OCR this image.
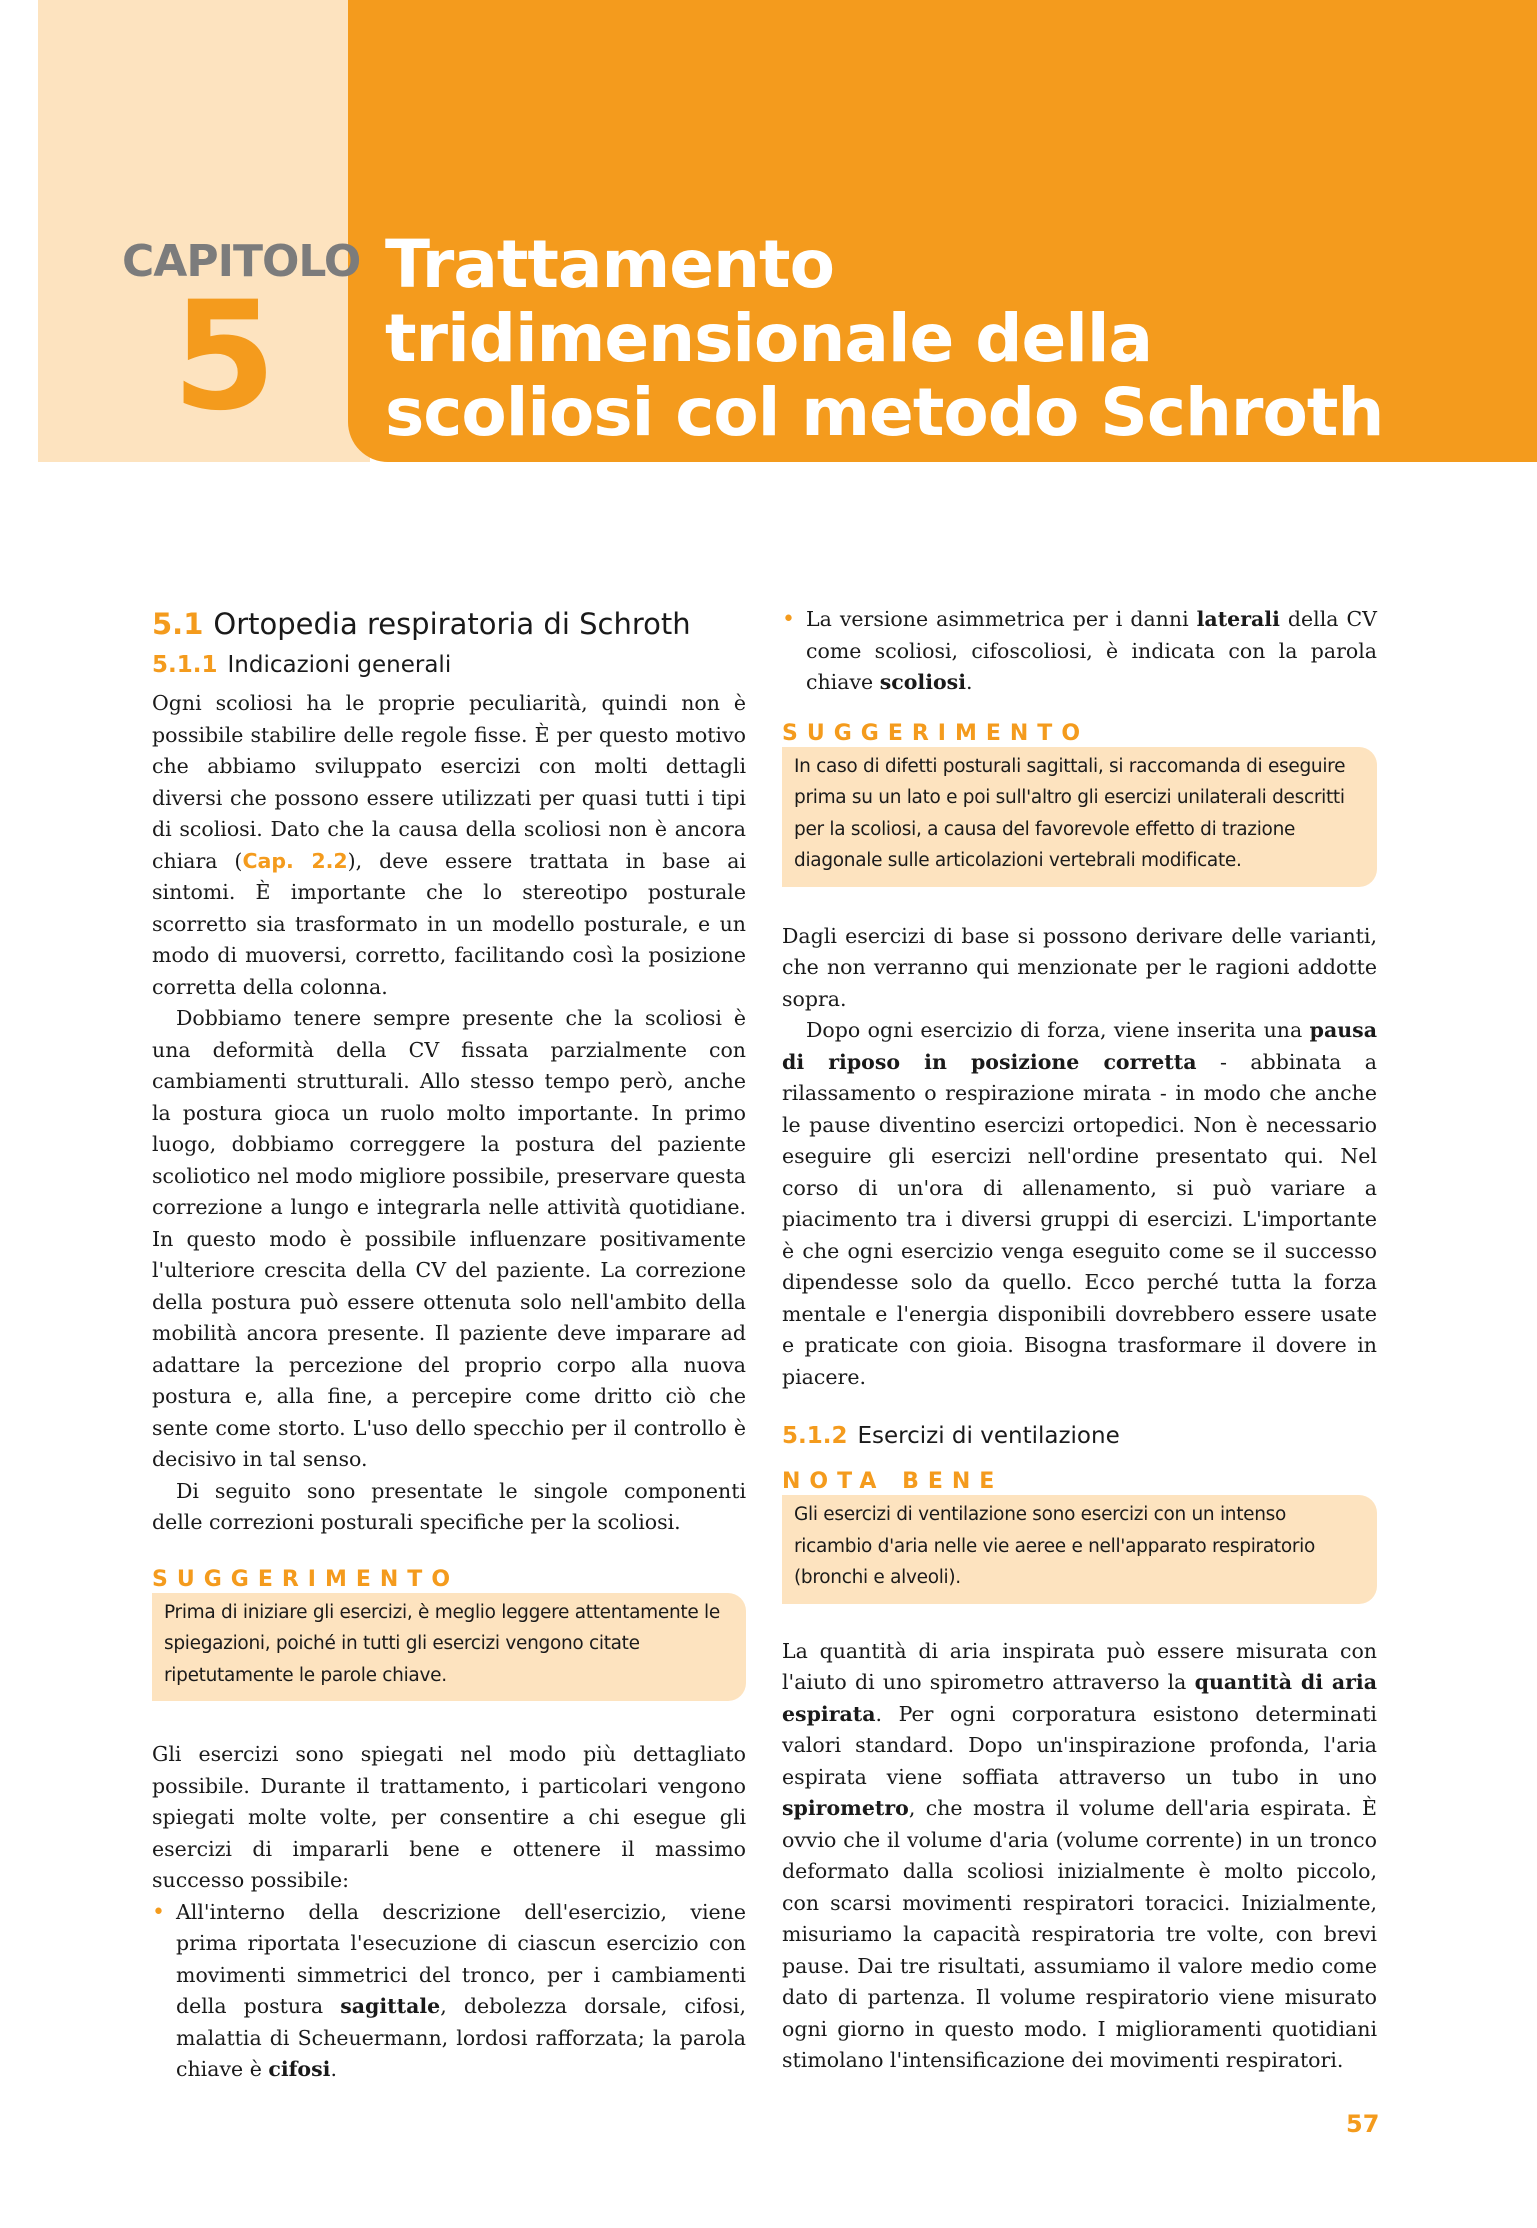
CAPITOLO
5
Trattamento
tridimensionale della
scoliosi col metodo Schroth
5.1 Ortopedia respiratoria di Schroth
5.1.1 Indicazioni generali

Ogni scoliosi ha le proprie peculiarità, quindi non è possibile stabilire delle regole fisse. È per questo motivo che abbiamo sviluppato esercizi con molti dettagli diversi che possono essere utilizzati per quasi tutti i tipi di scoliosi. Dato che la causa della scoliosi non è ancora chiara (Cap. 2.2), deve essere trattata in base ai sintomi. È importante che lo stereotipo posturale scorretto sia trasformato in un modello posturale, e un modo di muoversi, corretto, facilitando così la posizione corretta della colonna.

Dobbiamo tenere sempre presente che la scoliosi è una deformità della CV fissata parzialmente con cambiamenti strutturali. Allo stesso tempo però, anche la postura gioca un ruolo molto importante. In primo luogo, dobbiamo correggere la postura del paziente scoliotico nel modo migliore possibile, preservare questa correzione a lungo e integrarla nelle attività quotidiane. In questo modo è possibile influenzare positivamente l'ulteriore crescita della CV del paziente. La correzione della postura può essere ottenuta solo nell'ambito della mobilità ancora presente. Il paziente deve imparare ad adattare la percezione del proprio corpo alla nuova postura e, alla fine, a percepire come dritto ciò che sente come storto. L'uso dello specchio per il controllo è decisivo in tal senso.

Di seguito sono presentate le singole componenti delle correzioni posturali specifiche per la scoliosi.

SUGGERIMENTO
Prima di iniziare gli esercizi, è meglio leggere attentamente le spiegazioni, poiché in tutti gli esercizi vengono citate ripetutamente le parole chiave.

Gli esercizi sono spiegati nel modo più dettagliato possibile. Durante il trattamento, i particolari vengono spiegati molte volte, per consentire a chi esegue gli esercizi di impararli bene e ottenere il massimo successo possibile:

• All'interno della descrizione dell'esercizio, viene prima riportata l'esecuzione di ciascun esercizio con movimenti simmetrici del tronco, per i cambiamenti della postura sagittale, debolezza dorsale, cifosi, malattia di Scheuermann, lordosi rafforzata; la parola chiave è cifosi.
• La versione asimmetrica per i danni laterali della CV come scoliosi, cifoscoliosi, è indicata con la parola chiave scoliosi.
SUGGERIMENTO
In caso di difetti posturali sagittali, si raccomanda di eseguire prima su un lato e poi sull'altro gli esercizi unilaterali descritti per la scoliosi, a causa del favorevole effetto di trazione diagonale sulle articolazioni vertebrali modificate.

Dagli esercizi di base si possono derivare delle varianti, che non verranno qui menzionate per le ragioni addotte sopra.

Dopo ogni esercizio di forza, viene inserita una pausa di riposo in posizione corretta - abbinata a rilassamento o respirazione mirata - in modo che anche le pause diventino esercizi ortopedici. Non è necessario eseguire gli esercizi nell'ordine presentato qui. Nel corso di un'ora di allenamento, si può variare a piacimento tra i diversi gruppi di esercizi. L'importante è che ogni esercizio venga eseguito come se il successo dipendesse solo da quello. Ecco perché tutta la forza mentale e l'energia disponibili dovrebbero essere usate e praticate con gioia. Bisogna trasformare il dovere in piacere.

5.1.2 Esercizi di ventilazione
NOTA BENE
Gli esercizi di ventilazione sono esercizi con un intenso ricambio d'aria nelle vie aeree e nell'apparato respiratorio (bronchi e alveoli).

La quantità di aria inspirata può essere misurata con l'aiuto di uno spirometro attraverso la quantità di aria espirata. Per ogni corporatura esistono determinati valori standard. Dopo un'inspirazione profonda, l'aria espirata viene soffiata attraverso un tubo in uno spirometro, che mostra il volume dell'aria espirata. È ovvio che il volume d'aria (volume corrente) in un tronco deformato dalla scoliosi inizialmente è molto piccolo, con scarsi movimenti respiratori toracici. Inizialmente, misuriamo la capacità respiratoria tre volte, con brevi pause. Dai tre risultati, assumiamo il valore medio come dato di partenza. Il volume respiratorio viene misurato ogni giorno in questo modo. I miglioramenti quotidiani stimolano l'intensificazione dei movimenti respiratori.

57
